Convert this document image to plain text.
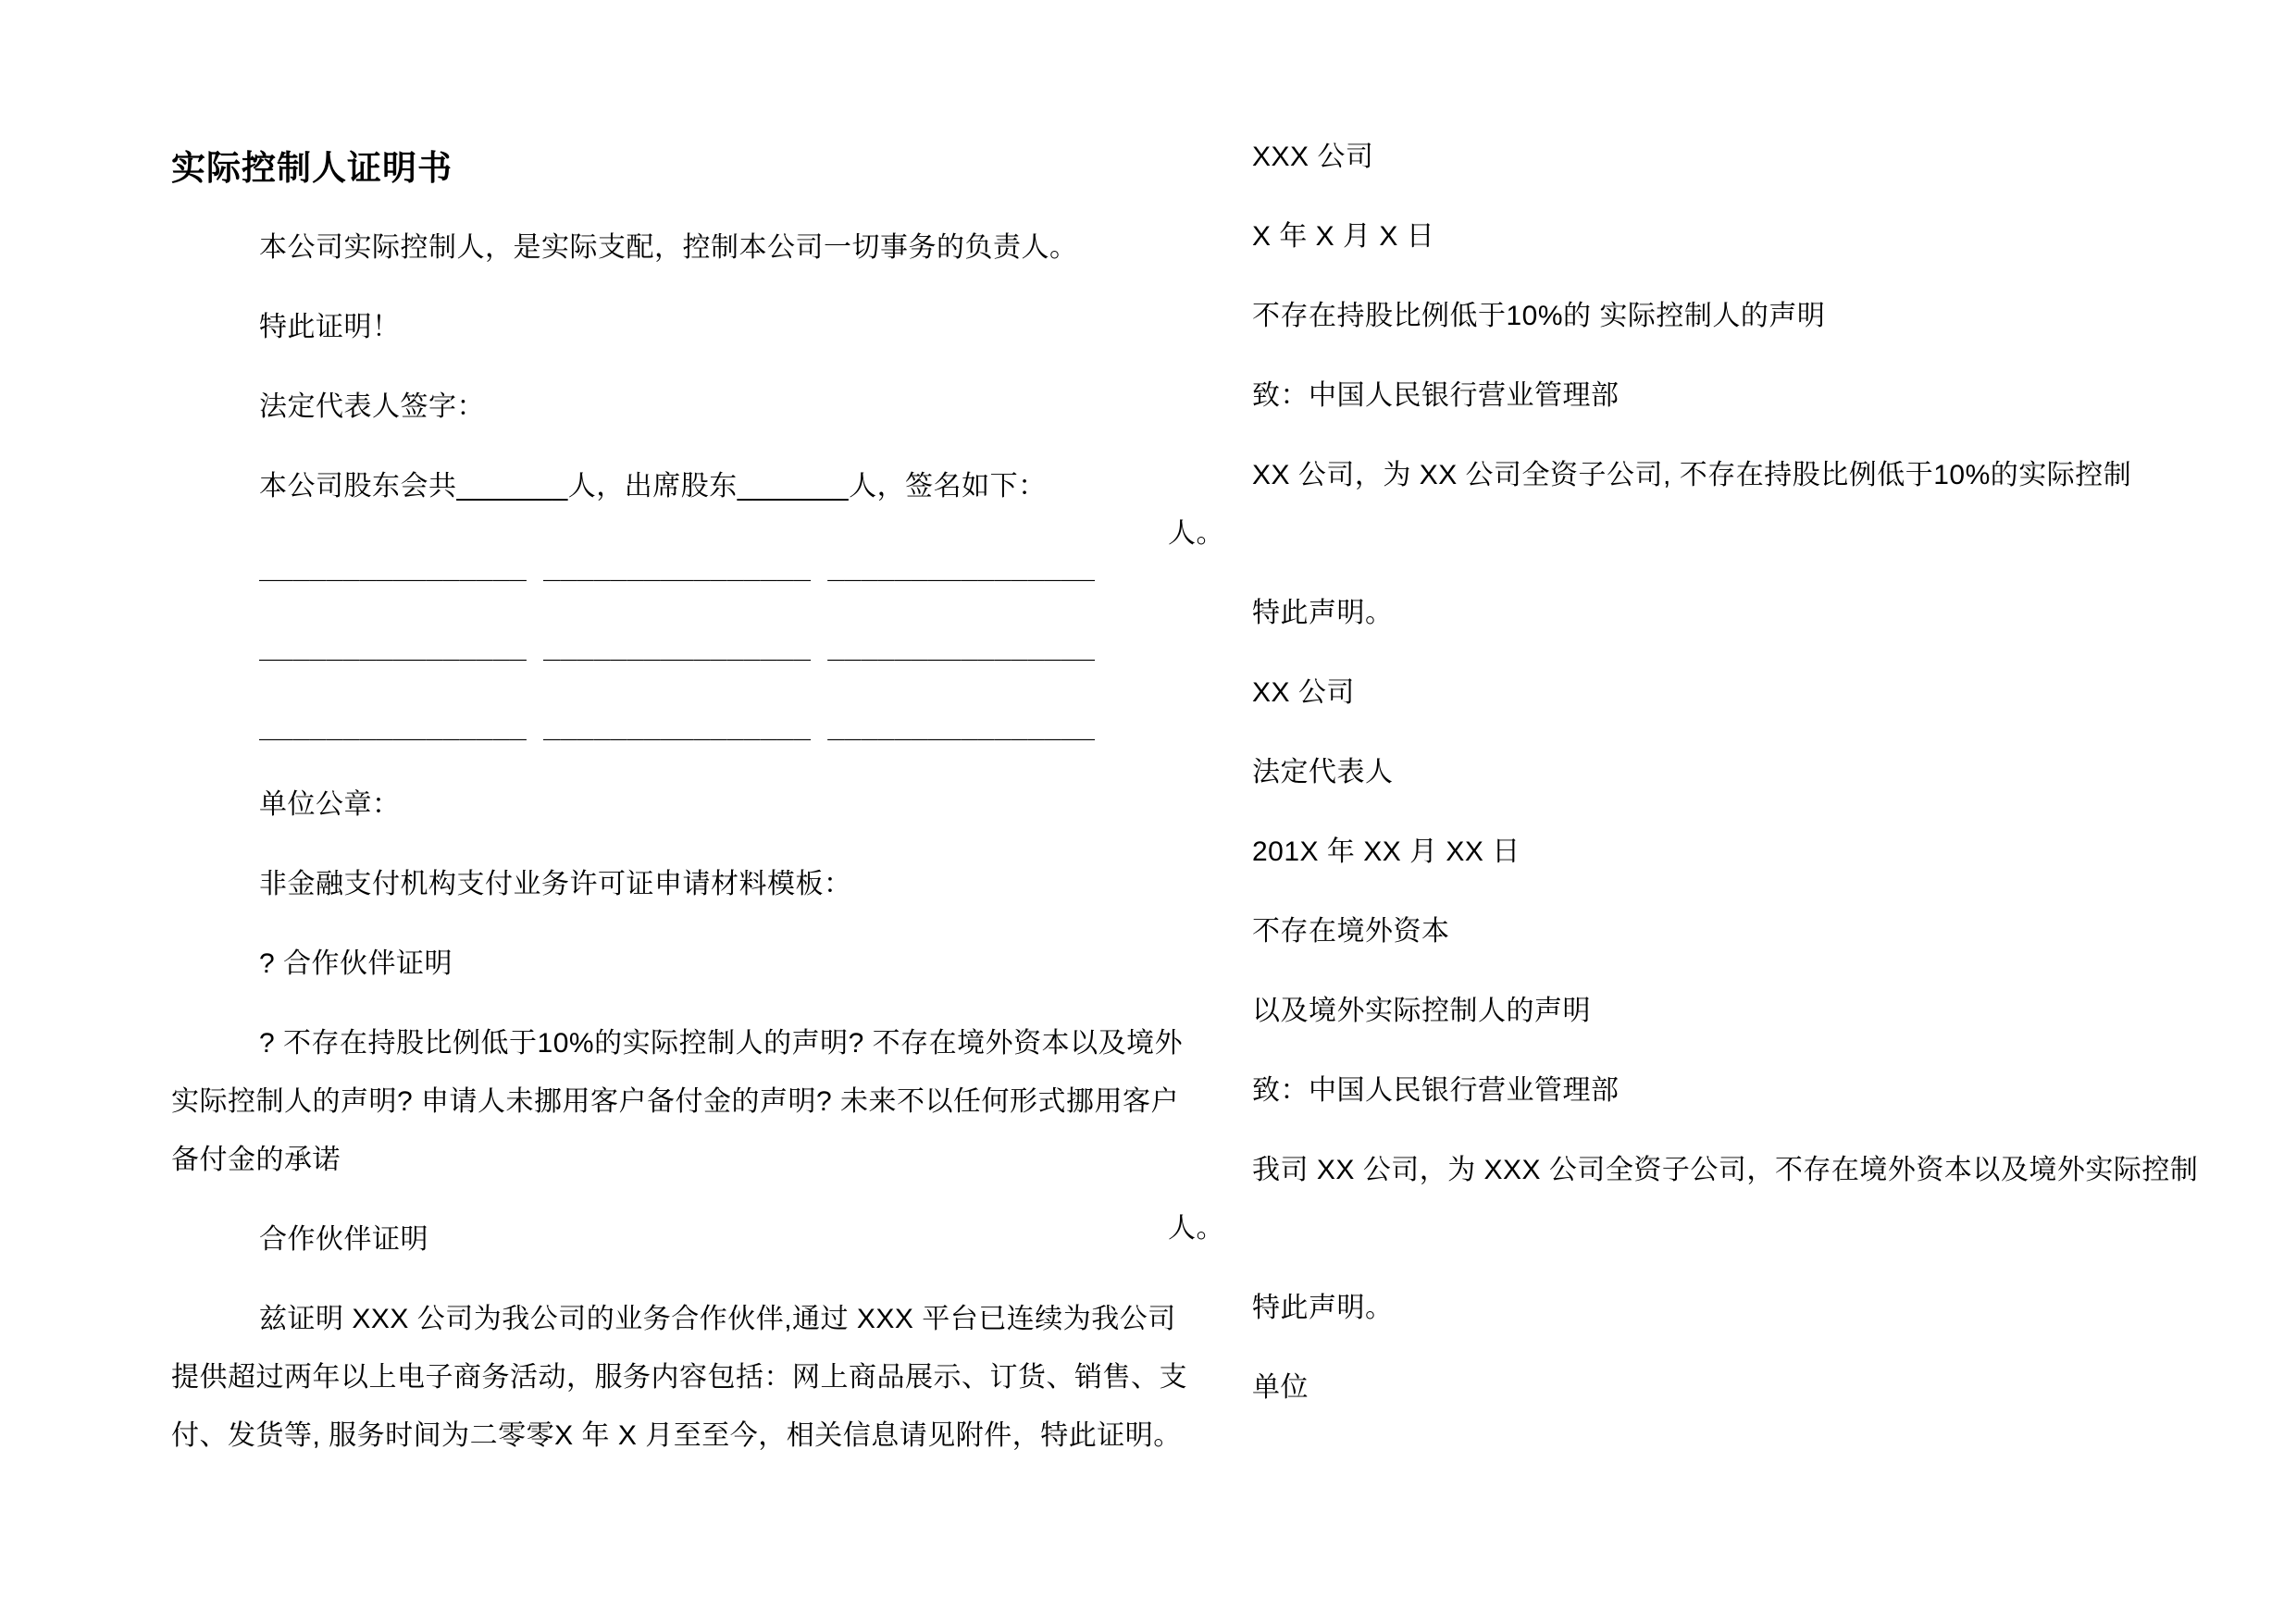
实际控制人证明书
本公司实际控制人，是实际支配，控制本公司一切事务的负责人。
特此证明！
法定代表人签字：
本公司股东会共_______人，出席股东_______人，签名如下：
________________ ________________ ________________
________________ ________________ ________________
________________ ________________ ________________
单位公章：
非金融支付机构支付业务许可证申请材料模板：
? 合作伙伴证明
? 不存在持股比例低于10%的实际控制人的声明? 不存在境外资本以及境外
实际控制人的声明? 申请人未挪用客户备付金的声明? 未来不以任何形式挪用客户
备付金的承诺
合作伙伴证明
兹证明 XXX 公司为我公司的业务合作伙伴,通过 XXX 平台已连续为我公司
提供超过两年以上电子商务活动，服务内容包括：网上商品展示、订货、销售、支
付、发货等, 服务时间为二零零X 年 X 月至至今，相关信息请见附件，特此证明。
XXX 公司
X 年 X 月 X 日
不存在持股比例低于10%的 实际控制人的声明
致：中国人民银行营业管理部
XX 公司，为 XX 公司全资子公司, 不存在持股比例低于10%的实际控制
人。
特此声明。
XX 公司
法定代表人
201X 年 XX 月 XX 日
不存在境外资本
以及境外实际控制人的声明
致：中国人民银行营业管理部
我司 XX 公司，为 XXX 公司全资子公司，不存在境外资本以及境外实际控制
人。
特此声明。
单位
